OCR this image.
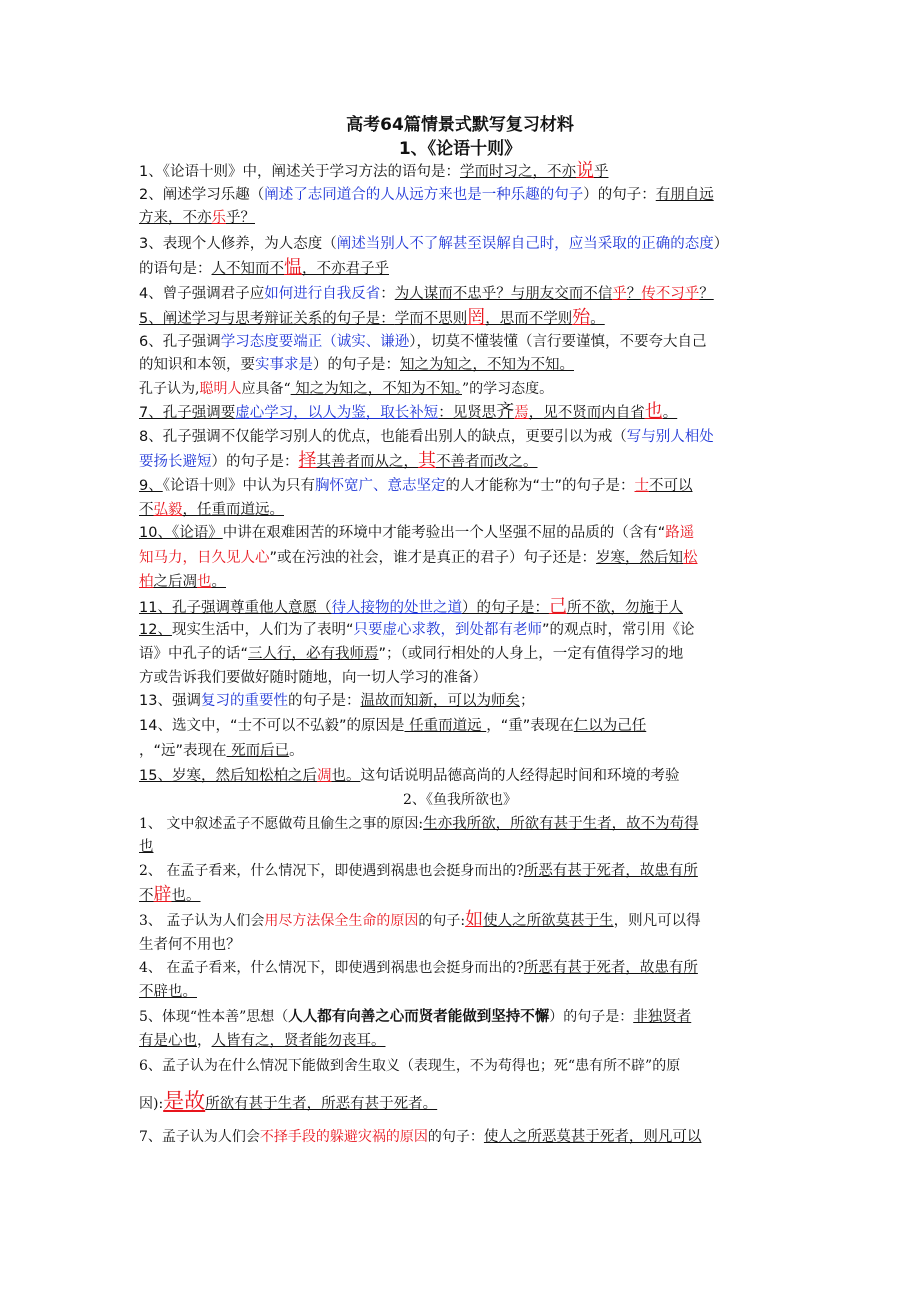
高考64篇情景式默写复习材料
1、《论语十则》
2、《鱼我所欲也》
1、《论语十则》中，阐述关于学习方法的语句是：学而时习之，不亦说乎
2、阐述学习乐趣（阐述了志同道合的人从远方来也是一种乐趣的句子）的句子：有朋自远
方来，不亦乐乎？
3、表现个人修养，为人态度（阐述当别人不了解甚至误解自己时，应当采取的正确的态度）
的语句是：人不知而不愠，不亦君子乎
4、曾子强调君子应如何进行自我反省：为人谋而不忠乎？与朋友交而不信乎？传不习乎？
5、阐述学习与思考辩证关系的句子是：学而不思则罔，思而不学则殆。
6、孔子强调学习态度要端正（诚实、谦逊），切莫不懂装懂（言行要谨慎，不要夸大自己
的知识和本领，要实事求是）的句子是：知之为知之，不知为不知。
孔子认为,聪明人应具备“ 知之为知之，不知为不知。”的学习态度。
7、孔子强调要虚心学习，以人为鉴，取长补短：见贤思齐焉，见不贤而内自省也。
8、孔子强调不仅能学习别人的优点，也能看出别人的缺点，更要引以为戒（写与别人相处
要扬长避短）的句子是：择其善者而从之，其不善者而改之。
9、《论语十则》中认为只有胸怀宽广、意志坚定的人才能称为“士”的句子是：士不可以
不弘毅，任重而道远。
10、《论语》中讲在艰难困苦的环境中才能考验出一个人坚强不屈的品质的（含有“路遥
知马力，日久见人心”或在污浊的社会，谁才是真正的君子）句子还是：岁寒，然后知松
柏之后凋也。
11、孔子强调尊重他人意愿（待人接物的处世之道）的句子是：己所不欲，勿施于人
12、现实生活中，人们为了表明“只要虚心求教，到处都有老师”的观点时，常引用《论
语》中孔子的话“三人行，必有我师焉”；（或同行相处的人身上，一定有值得学习的地
方或告诉我们要做好随时随地，向一切人学习的准备）
13、强调复习的重要性的句子是：温故而知新，可以为师矣；
14、选文中，“士不可以不弘毅”的原因是 任重而道远 ，“重”表现在仁以为己任
，“远”表现在 死而后已。
15、岁寒，然后知松柏之后凋也。这句话说明品德高尚的人经得起时间和环境的考验
1、 文中叙述孟子不愿做苟且偷生之事的原因:生亦我所欲，所欲有甚于生者，故不为苟得
也
2、 在孟子看来，什么情况下，即使遇到祸患也会挺身而出的?所恶有甚于死者，故患有所
不辟也。
3、 孟子认为人们会用尽方法保全生命的原因的句子:如使人之所欲莫甚于生，则凡可以得
生者何不用也？
4、 在孟子看来，什么情况下，即使遇到祸患也会挺身而出的?所恶有甚于死者，故患有所
不辟也。
5、体现“性本善”思想（人人都有向善之心而贤者能做到坚持不懈）的句子是：非独贤者
有是心也，人皆有之，贤者能勿丧耳。
6、孟子认为在什么情况下能做到舍生取义（表现生，不为苟得也；死“患有所不辟”的原
因):是故所欲有甚于生者，所恶有甚于死者。
7、孟子认为人们会不择手段的躲避灾祸的原因的句子：使人之所恶莫甚于死者，则凡可以
